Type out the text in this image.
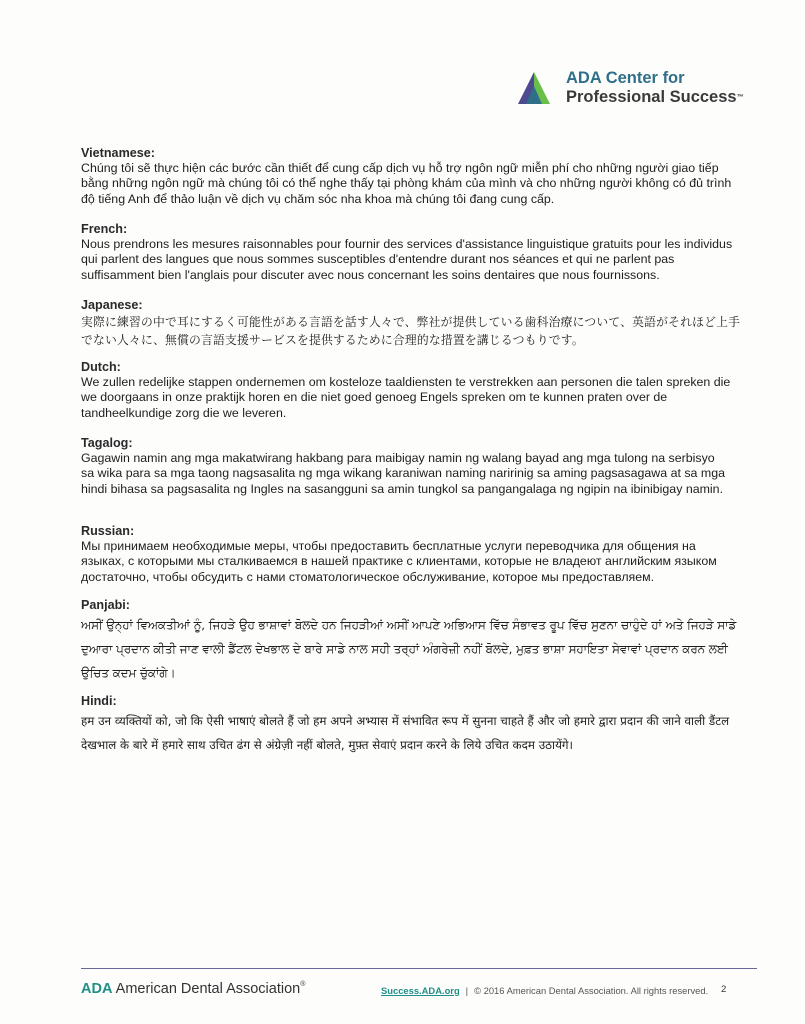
ADA Center for
Professional Success™
Vietnamese:

Chúng tôi sẽ thực hiện các bước cần thiết để cung cấp dịch vụ hỗ trợ ngôn ngữ miễn phí cho những người giao tiếp bằng những ngôn ngữ mà chúng tôi có thể nghe thấy tại phòng khám của mình và cho những người không có đủ trình độ tiếng Anh để thảo luận về dịch vụ chăm sóc nha khoa mà chúng tôi đang cung cấp.

French:

Nous prendrons les mesures raisonnables pour fournir des services d'assistance linguistique gratuits pour les individus qui parlent des langues que nous sommes susceptibles d'entendre durant nos séances et qui ne parlent pas suffisamment bien l'anglais pour discuter avec nous concernant les soins dentaires que nous fournissons.

Japanese:

実際に練習の中で耳にするく可能性がある言語を話す人々で、弊社が提供している歯科治療について、英語がそれほど上手でない人々に、無償の言語支援サービスを提供するために合理的な措置を講じるつもりです。

Dutch:

We zullen redelijke stappen ondernemen om kosteloze taaldiensten te verstrekken aan personen die talen spreken die we doorgaans in onze praktijk horen en die niet goed genoeg Engels spreken om te kunnen praten over de tandheelkundige zorg die we leveren.

Tagalog:

Gagawin namin ang mga makatwirang hakbang para maibigay namin ng walang bayad ang mga tulong na serbisyo sa wika para sa mga taong nagsasalita ng mga wikang karaniwan naming naririnig sa aming pagsasagawa at sa mga hindi bihasa sa pagsasalita ng Ingles na sasangguni sa amin tungkol sa pangangalaga ng ngipin na ibinibigay namin.

Russian:

Мы принимаем необходимые меры, чтобы предоставить бесплатные услуги переводчика для общения на языках, с которыми мы сталкиваемся в нашей практике с клиентами, которые не владеют английским языком достаточно, чтобы обсудить с нами стоматологическое обслуживание, которое мы предоставляем.

Panjabi:

ਅਸੀਂ ਉਨ੍ਹਾਂ ਵਿਅਕਤੀਆਂ ਨੂੰ, ਜਿਹੜੇ ਉਹ ਭਾਸ਼ਾਵਾਂ ਬੋਲਦੇ ਹਨ ਜਿਹੜੀਆਂ ਅਸੀਂ ਆਪਣੇ ਅਭਿਆਸ ਵਿੱਚ ਸੰਭਾਵਤ ਰੂਪ ਵਿੱਚ ਸੁਣਨਾ ਚਾਹੁੰਦੇ ਹਾਂ ਅਤੇ ਜਿਹੜੇ ਸਾਡੇ ਦੁਆਰਾ ਪ੍ਰਦਾਨ ਕੀਤੀ ਜਾਣ ਵਾਲੀ ਡੈਂਟਲ ਦੇਖਭਾਲ ਦੇ ਬਾਰੇ ਸਾਡੇ ਨਾਲ ਸਹੀ ਤਰ੍ਹਾਂ ਅੰਗਰੇਜ਼ੀ ਨਹੀਂ ਬੋਲਦੇ, ਮੁਫ਼ਤ ਭਾਸ਼ਾ ਸਹਾਇਤਾ ਸੇਵਾਵਾਂ ਪ੍ਰਦਾਨ ਕਰਨ ਲਈ ਉਚਿਤ ਕਦਮ ਚੁੱਕਾਂਗੇ।

Hindi:

हम उन व्यक्तियों को, जो कि ऐसी भाषाएं बोलते हैं जो हम अपने अभ्यास में संभावित रूप में सुनना चाहते हैं और जो हमारे द्वारा प्रदान की जाने वाली डैंटल देखभाल के बारे में हमारे साथ उचित ढंग से अंग्रेज़ी नहीं बोलते, मुफ़्त सेवाएं प्रदान करने के लिये उचित कदम उठायेंगे।

ADA American Dental Association®
Success.ADA.org | © 2016 American Dental Association. All rights reserved. 2
